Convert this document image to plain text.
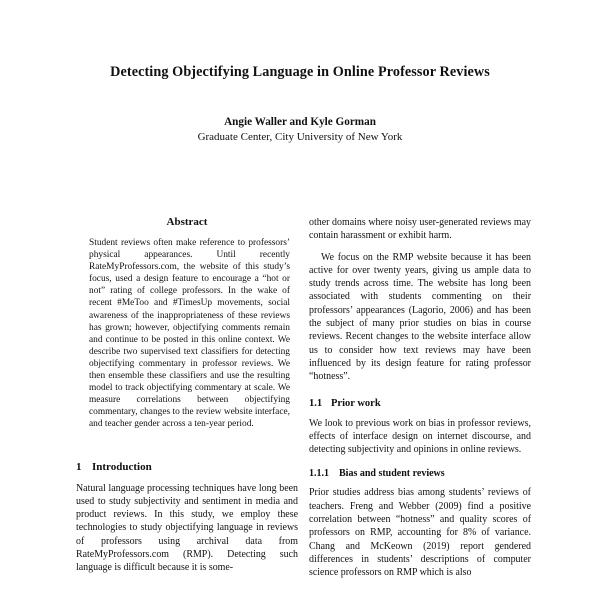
Detecting Objectifying Language in Online Professor Reviews
Angie Waller and Kyle Gorman
Graduate Center, City University of New York
Abstract

Student reviews often make reference to professors’ physical appearances. Until recently RateMyProfessors.com, the website of this study’s focus, used a design feature to encourage a “hot or not” rating of college professors. In the wake of recent #MeToo and #TimesUp movements, social awareness of the inappropriateness of these reviews has grown; however, objectifying comments remain and continue to be posted in this online context. We describe two supervised text classifiers for detecting objectifying commentary in professor reviews. We then ensemble these classifiers and use the resulting model to track objectifying commentary at scale. We measure correlations between objectifying commentary, changes to the review website interface, and teacher gender across a ten-year period.

1 Introduction

Natural language processing techniques have long been used to study subjectivity and sentiment in media and product reviews. In this study, we employ these technologies to study objectifying language in reviews of professors using archival data from RateMyProfessors.com (RMP). Detecting such language is difficult because it is some-

other domains where noisy user-generated reviews may contain harassment or exhibit harm.

We focus on the RMP website because it has been active for over twenty years, giving us ample data to study trends across time. The website has long been associated with students commenting on their professors’ appearances (Lagorio, 2006) and has been the subject of many prior studies on bias in course reviews. Recent changes to the website interface allow us to consider how text reviews may have been influenced by its design feature for rating professor “hotness”.

1.1 Prior work

We look to previous work on bias in professor reviews, effects of interface design on internet discourse, and detecting subjectivity and opinions in online reviews.

1.1.1 Bias and student reviews

Prior studies address bias among students’ reviews of teachers. Freng and Webber (2009) find a positive correlation between “hotness” and quality scores of professors on RMP, accounting for 8% of variance. Chang and McKeown (2019) report gendered differences in students’ descriptions of computer science professors on RMP which is also
